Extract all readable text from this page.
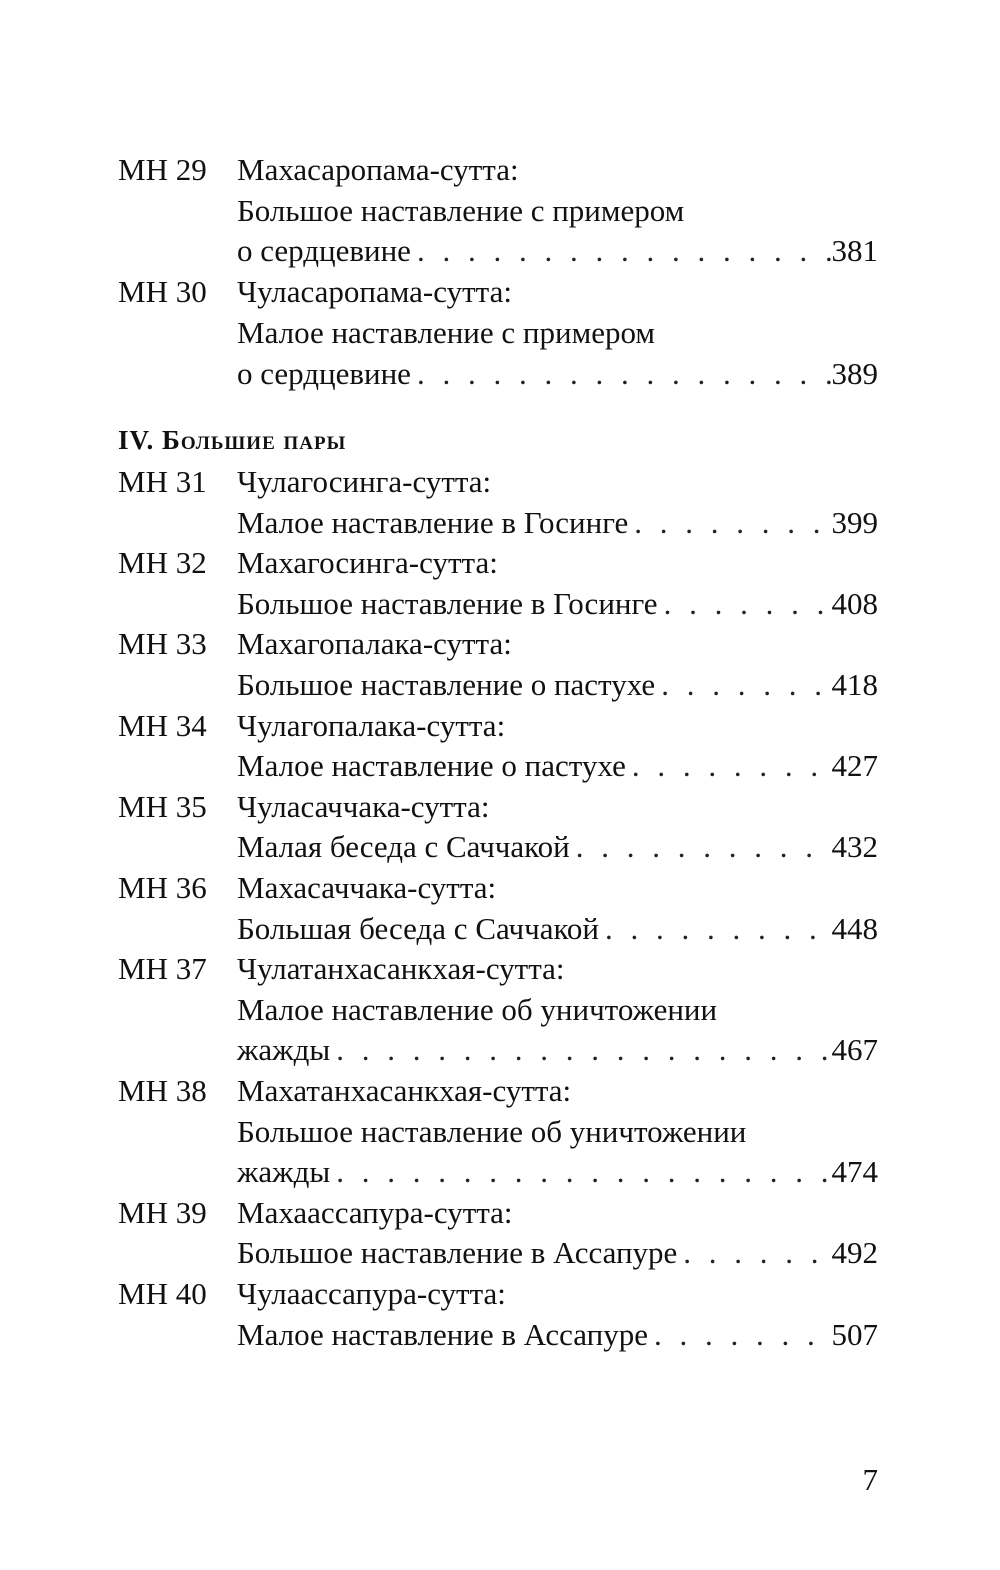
МН 29 Махасаропама-сутта:
Большое наставление с примером
о сердцевине . . .	381
МН 30 Чуласаропама-сутта:
Малое наставление с примером
о сердцевине . . .	389
IV. Большие пары
МН 31 Чулагосинга-сутта:
Малое наставление в Госинге . . .	399
МН 32 Махагосинга-сутта:
Большое наставление в Госинге . . .	408
МН 33 Махагопалака-сутта:
Большое наставление о пастухе . . .	418
МН 34 Чулагопалака-сутта:
Малое наставление о пастухе . . .	427
МН 35 Чуласаччака-сутта:
Малая беседа с Саччакой . . .	432
МН 36 Махасаччака-сутта:
Большая беседа с Саччакой . . .	448
МН 37 Чулатанхасанкхая-сутта:
Малое наставление об уничтожении
жажды . . .	467
МН 38 Махатанхасанкхая-сутта:
Большое наставление об уничтожении
жажды . . .	474
МН 39 Махаассапура-сутта:
Большое наставление в Ассапуре . . .	492
МН 40 Чулаассапура-сутта:
Малое наставление в Ассапуре . . .	507
7
